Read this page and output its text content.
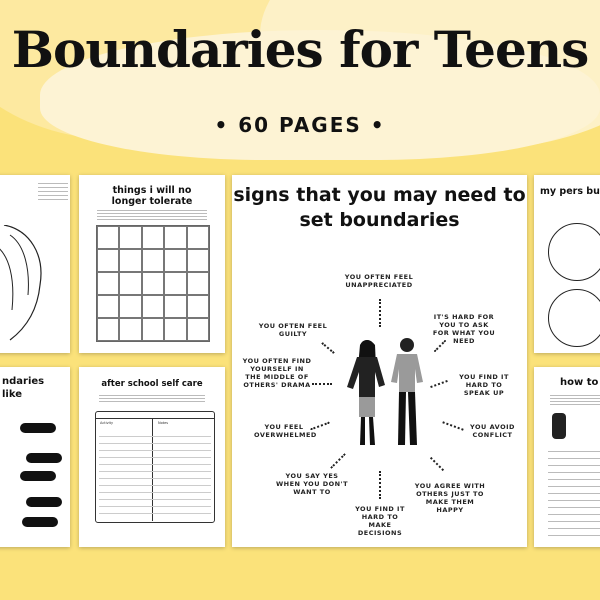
Boundaries for Teens
• 60 PAGES •
things i will no longer tolerate	signs that you may need to set boundaries
YOU OFTEN FEEL UNAPPRECIATED
IT'S HARD FOR YOU TO ASK FOR WHAT YOU NEED
YOU OFTEN FEEL GUILTY
YOU FIND IT HARD TO SPEAK UP
YOU OFTEN FIND YOURSELF IN THE MIDDLE OF OTHERS' DRAMA
YOU AVOID CONFLICT
YOU FEEL OVERWHELMED
YOU SAY YES WHEN YOU DON'T WANT TO
YOU AGREE WITH OTHERS JUST TO MAKE THEM HAPPY
YOU FIND IT HARD TO MAKE DECISIONS
my pers bu
ndaries like

after school self care
Activity	Notes
how to
